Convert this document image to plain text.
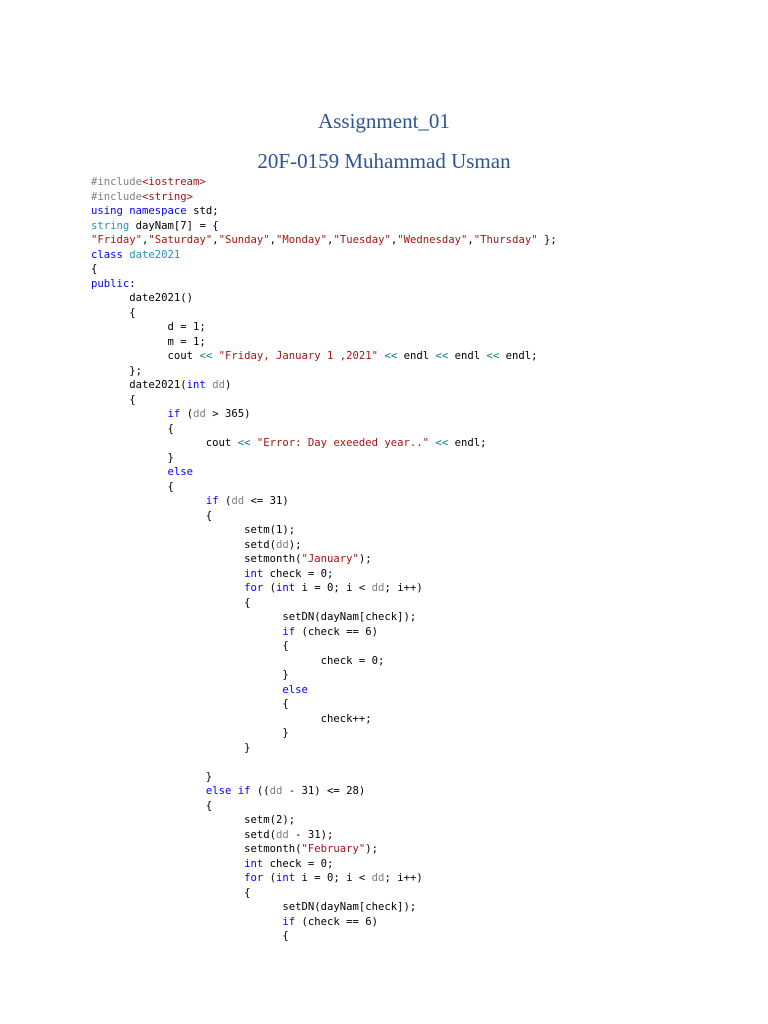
Assignment_01
20F-0159 Muhammad Usman
#include<iostream>
#include<string>
using namespace std;
string dayNam[7] = {
"Friday","Saturday","Sunday","Monday","Tuesday","Wednesday","Thursday" };
class date2021
{
public:
date2021()
{
d = 1;
m = 1;
cout << "Friday, January 1 ,2021" << endl << endl << endl;
};
date2021(int dd)
{
if (dd > 365)
{
cout << "Error: Day exeeded year.." << endl;
}
else
{
if (dd <= 31)
{
setm(1);
setd(dd);
setmonth("January");
int check = 0;
for (int i = 0; i < dd; i++)
{
setDN(dayNam[check]);
if (check == 6)
{
check = 0;
}
else
{
check++;
}
}

}
else if ((dd - 31) <= 28)
{
setm(2);
setd(dd - 31);
setmonth("February");
int check = 0;
for (int i = 0; i < dd; i++)
{
setDN(dayNam[check]);
if (check == 6)
{
